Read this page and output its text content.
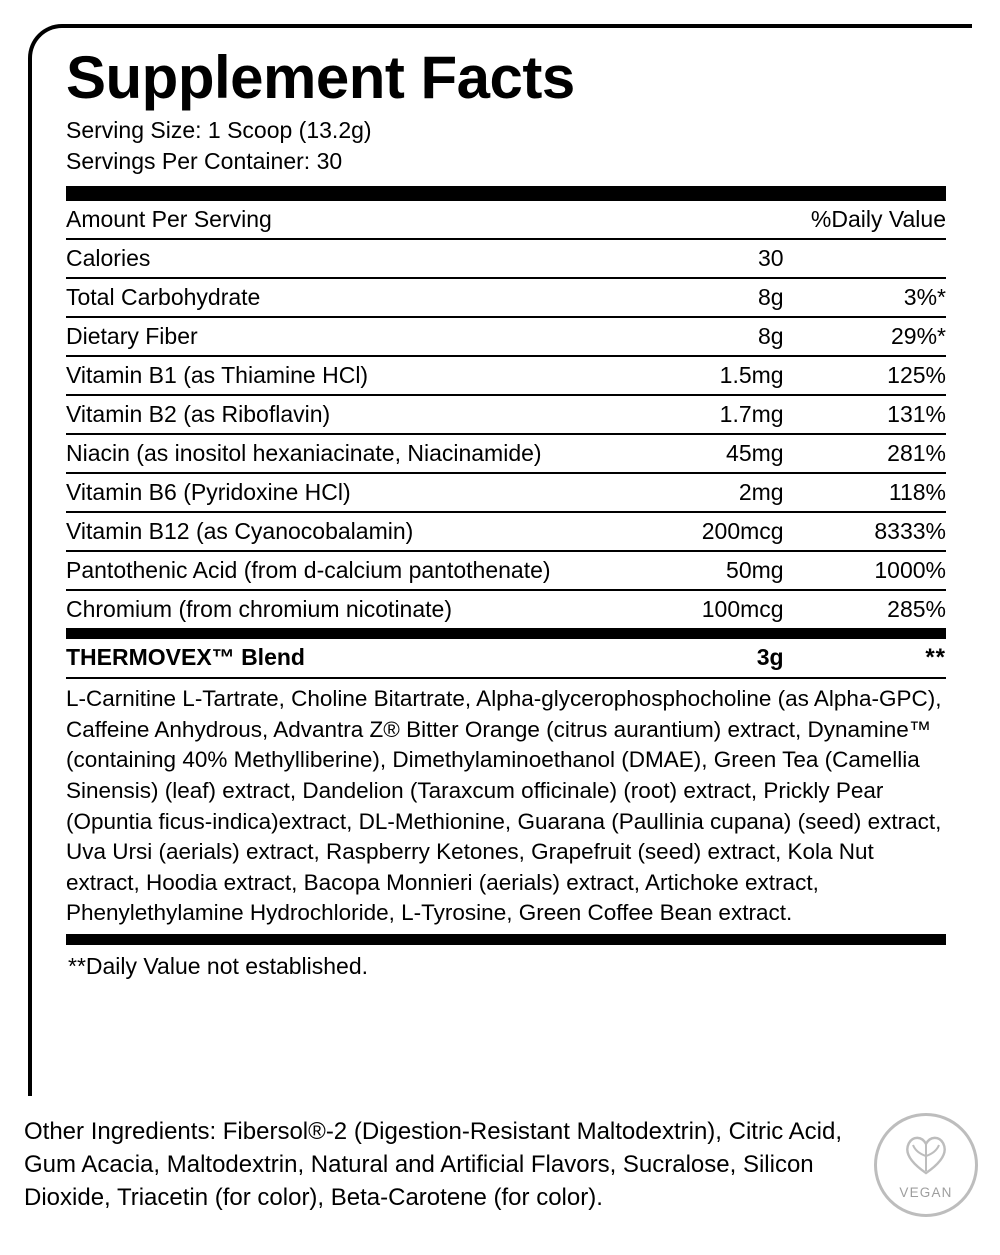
Supplement Facts
Serving Size: 1 Scoop (13.2g)
Servings Per Container: 30
Amount Per Serving		%Daily Value
Calories	30	
Total Carbohydrate	8g	3%*
Dietary Fiber	8g	29%*
Vitamin B1 (as Thiamine HCl)	1.5mg	125%
Vitamin B2 (as Riboflavin)	1.7mg	131%
Niacin (as inositol hexaniacinate, Niacinamide)	45mg	281%
Vitamin B6 (Pyridoxine HCl)	2mg	118%
Vitamin B12 (as Cyanocobalamin)	200mcg	8333%
Pantothenic Acid (from d-calcium pantothenate)	50mg	1000%
Chromium (from chromium nicotinate)	100mcg	285%
THERMOVEX™ Blend	3g	**
L-Carnitine L-Tartrate, Choline Bitartrate, Alpha-glycerophosphocholine (as Alpha-GPC), Caffeine Anhydrous, Advantra Z® Bitter Orange (citrus aurantium) extract, Dynamine™ (containing 40% Methylliberine), Dimethylaminoethanol (DMAE), Green Tea (Camellia Sinensis) (leaf) extract, Dandelion (Taraxcum officinale) (root) extract, Prickly Pear (Opuntia ficus-indica)extract, DL-Methionine, Guarana (Paullinia cupana) (seed) extract, Uva Ursi (aerials) extract, Raspberry Ketones, Grapefruit (seed) extract, Kola Nut extract, Hoodia extract, Bacopa Monnieri (aerials) extract, Artichoke extract, Phenylethylamine Hydrochloride, L-Tyrosine, Green Coffee Bean extract.
**Daily Value not established.
Other Ingredients: Fibersol®-2 (Digestion-Resistant Maltodextrin), Citric Acid, Gum Acacia, Maltodextrin, Natural and Artificial Flavors, Sucralose, Silicon Dioxide, Triacetin (for color), Beta-Carotene (for color).	VEGAN
